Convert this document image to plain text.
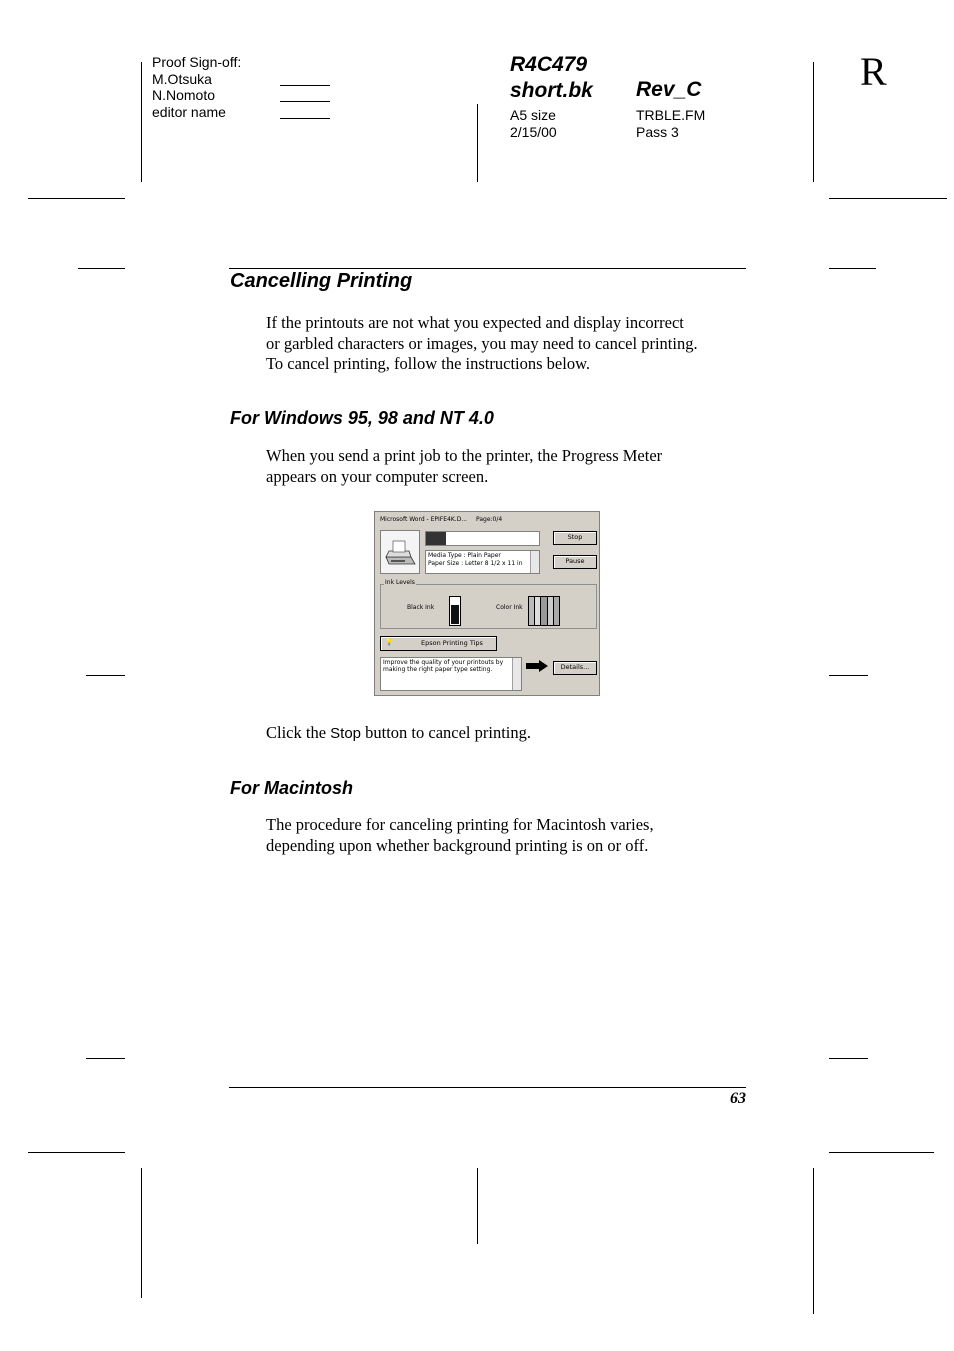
Proof Sign-off:
M.Otsuka
N.Nomoto
editor name
R4C479
short.bk Rev_C
A5 size
2/15/00
TRBLE.FM
Pass 3
R
Cancelling Printing
If the printouts are not what you expected and display incorrect
or garbled characters or images, you may need to cancel printing.
To cancel printing, follow the instructions below.
For Windows 95, 98 and NT 4.0
When you send a print job to the printer, the Progress Meter
appears on your computer screen.
Microsoft Word - EPIFE4K.D... Page:0/4
Stop
Pause
Media Type : Plain Paper
Paper Size : Letter 8 1/2 x 11 in
Ink Levels
Black Ink	Color Ink
💡	Epson Printing Tips
Improve the quality of your printouts by
making the right paper type setting.	Details...
Click the Stop button to cancel printing.
For Macintosh
The procedure for canceling printing for Macintosh varies,
depending upon whether background printing is on or off.
63
